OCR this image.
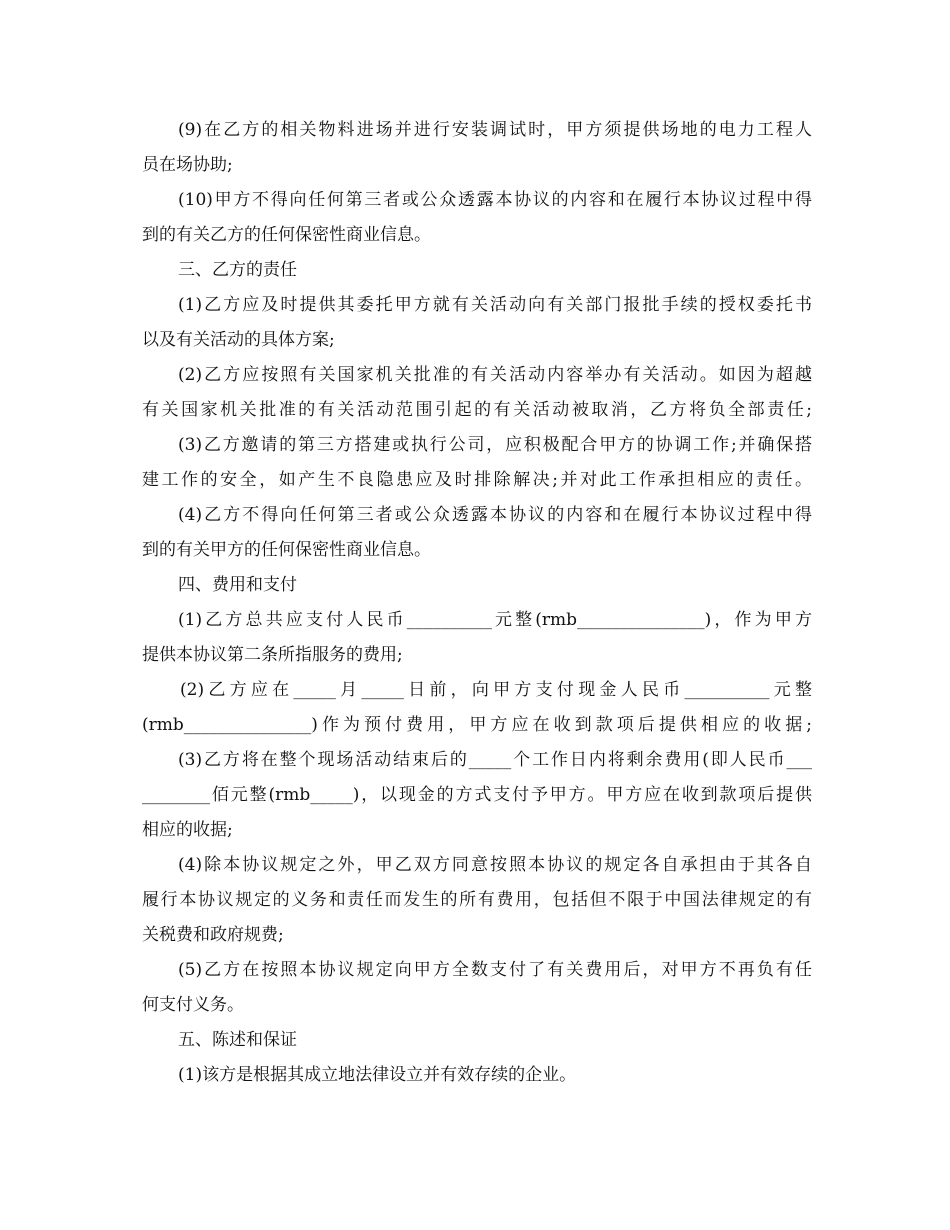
(9)在乙方的相关物料进场并进行安装调试时，甲方须提供场地的电力工程人
员在场协助;
(10)甲方不得向任何第三者或公众透露本协议的内容和在履行本协议过程中得
到的有关乙方的任何保密性商业信息。
三、乙方的责任
(1)乙方应及时提供其委托甲方就有关活动向有关部门报批手续的授权委托书
以及有关活动的具体方案;
(2)乙方应按照有关国家机关批准的有关活动内容举办有关活动。如因为超越
有关国家机关批准的有关活动范围引起的有关活动被取消，乙方将负全部责任;
(3)乙方邀请的第三方搭建或执行公司，应积极配合甲方的协调工作;并确保搭
建工作的安全，如产生不良隐患应及时排除解决;并对此工作承担相应的责任。
(4)乙方不得向任何第三者或公众透露本协议的内容和在履行本协议过程中得
到的有关甲方的任何保密性商业信息。
四、费用和支付
(1)乙方总共应支付人民币__________元整(rmb_______________)，作为甲方
提供本协议第二条所指服务的费用;
(2)乙方应在_____月_____日前，向甲方支付现金人民币__________元整
(rmb_______________)作为预付费用，甲方应在收到款项后提供相应的收据;
(3)乙方将在整个现场活动结束后的_____个工作日内将剩余费用(即人民币___
________佰元整(rmb_____)，以现金的方式支付予甲方。甲方应在收到款项后提供
相应的收据;
(4)除本协议规定之外，甲乙双方同意按照本协议的规定各自承担由于其各自
履行本协议规定的义务和责任而发生的所有费用，包括但不限于中国法律规定的有
关税费和政府规费;
(5)乙方在按照本协议规定向甲方全数支付了有关费用后，对甲方不再负有任
何支付义务。
五、陈述和保证
(1)该方是根据其成立地法律设立并有效存续的企业。
